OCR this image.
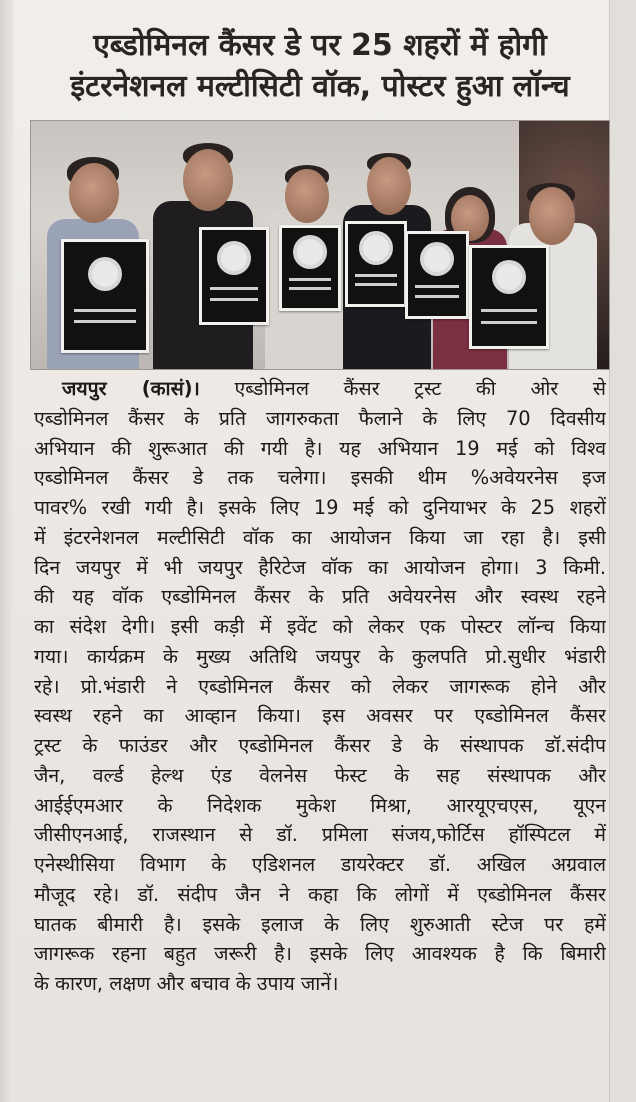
एब्डोमिनल कैंसर डे पर 25 शहरों में होगी
इंटरनेशनल मल्टीसिटी वॉक, पोस्टर हुआ लॉन्च
जयपुर (कासं)। एब्डोमिनल कैंसर ट्रस्ट की ओर से
एब्डोमिनल कैंसर के प्रति जागरुकता फैलाने के लिए 70 दिवसीय
अभियान की शुरूआत की गयी है। यह अभियान 19 मई को विश्व
एब्डोमिनल कैंसर डे तक चलेगा। इसकी थीम %अवेयरनेस इज
पावर% रखी गयी है। इसके लिए 19 मई को दुनियाभर के 25 शहरों
में इंटरनेशनल मल्टीसिटी वॉक का आयोजन किया जा रहा है। इसी
दिन जयपुर में भी जयपुर हैरिटेज वॉक का आयोजन होगा। 3 किमी.
की यह वॉक एब्डोमिनल कैंसर के प्रति अवेयरनेस और स्वस्थ रहने
का संदेश देगी। इसी कड़ी में इवेंट को लेकर एक पोस्टर लॉन्च किया
गया। कार्यक्रम के मुख्य अतिथि जयपुर के कुलपति प्रो.सुधीर भंडारी
रहे। प्रो.भंडारी ने एब्डोमिनल कैंसर को लेकर जागरूक होने और
स्वस्थ रहने का आव्हान किया। इस अवसर पर एब्डोमिनल कैंसर
ट्रस्ट के फाउंडर और एब्डोमिनल कैंसर डे के संस्थापक डॉ.संदीप
जैन, वर्ल्ड हेल्थ एंड वेलनेस फेस्ट के सह संस्थापक और
आईईएमआर के निदेशक मुकेश मिश्रा, आरयूएचएस, यूएन
जीसीएनआई, राजस्थान से डॉ. प्रमिला संजय,फोर्टिस हॉस्पिटल में
एनेस्थीसिया विभाग के एडिशनल डायरेक्टर डॉ. अखिल अग्रवाल
मौजूद रहे। डॉ. संदीप जैन ने कहा कि लोगों में एब्डोमिनल कैंसर
घातक बीमारी है। इसके इलाज के लिए शुरुआती स्टेज पर हमें
जागरूक रहना बहुत जरूरी है। इसके लिए आवश्यक है कि बिमारी
के कारण, लक्षण और बचाव के उपाय जानें।
